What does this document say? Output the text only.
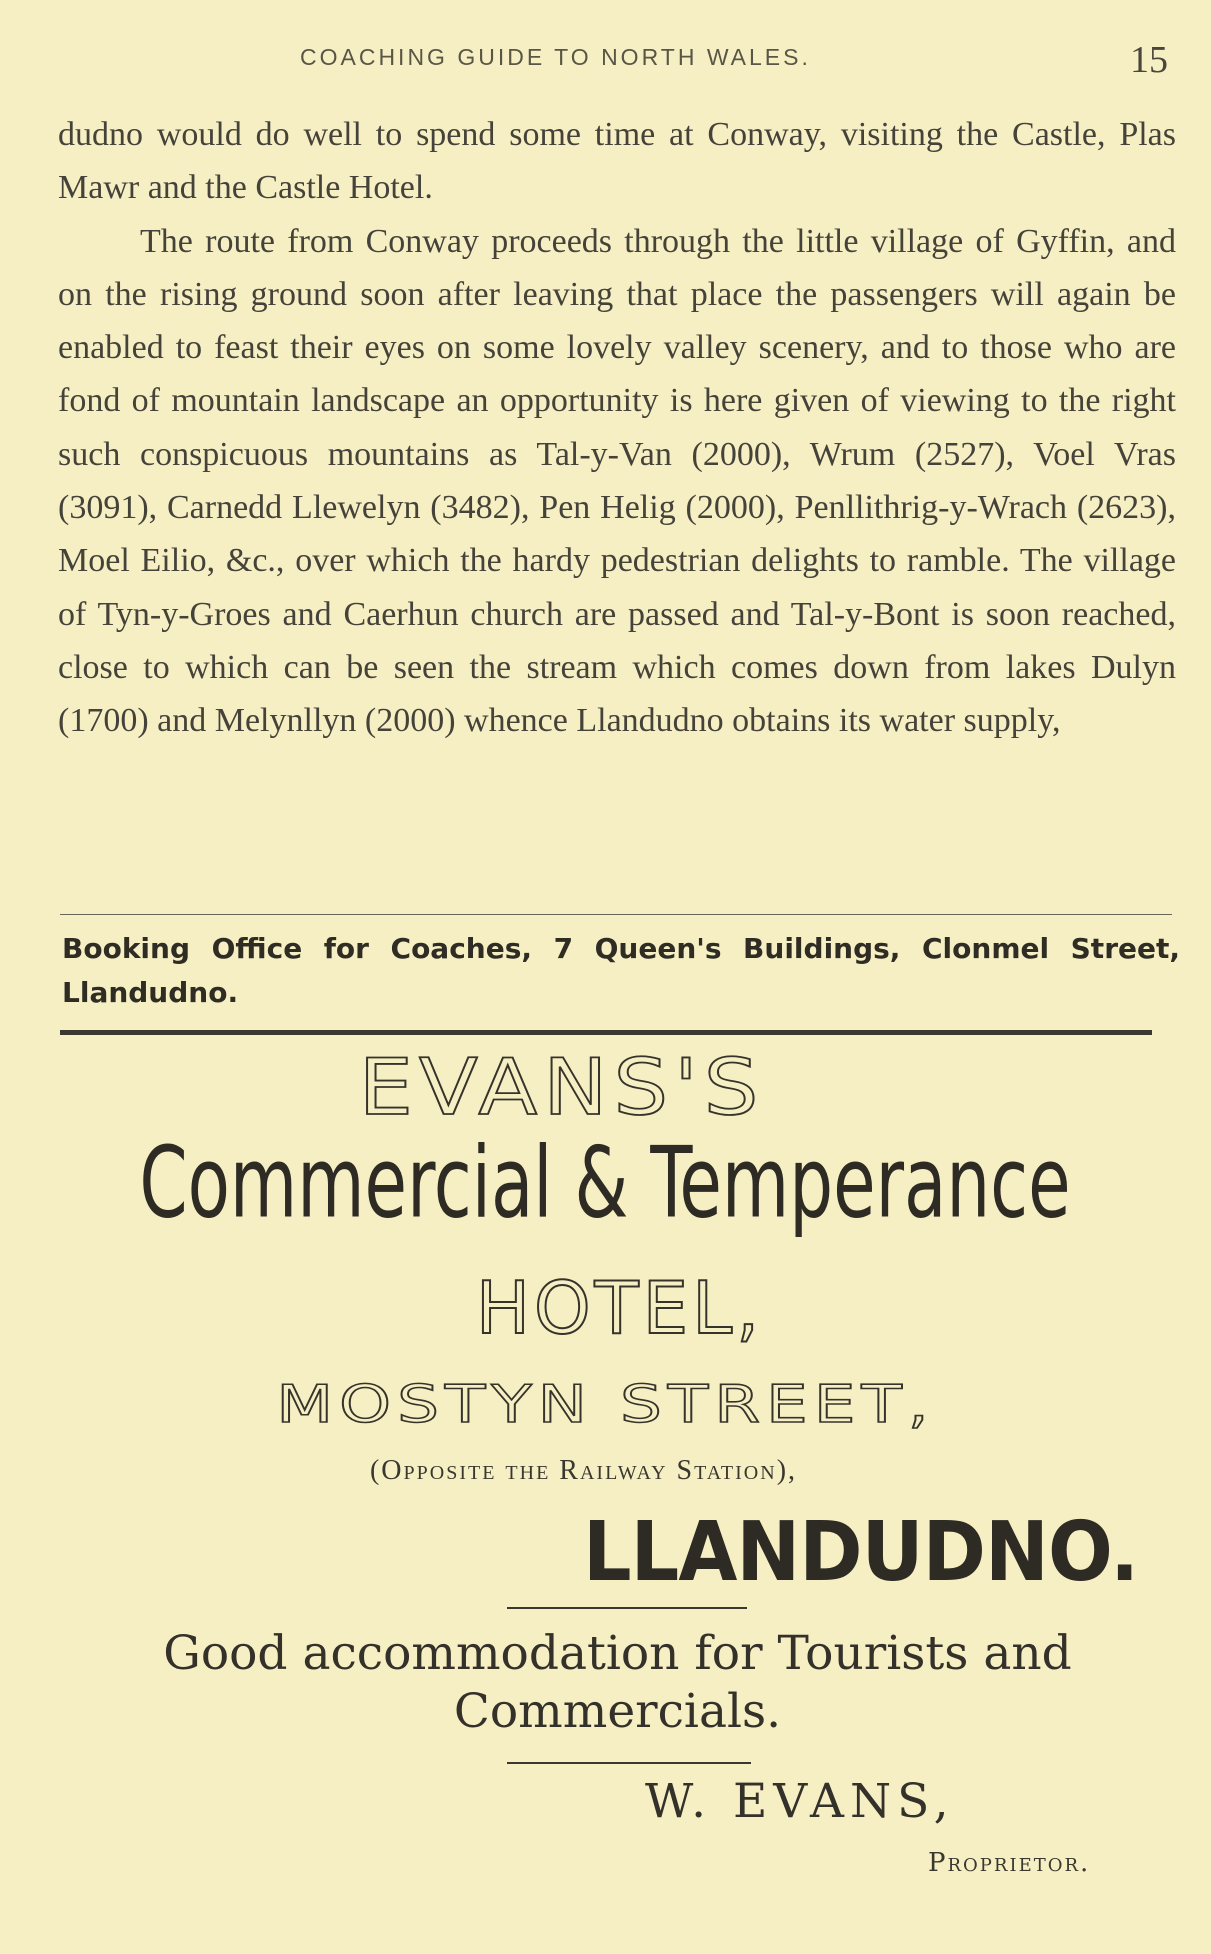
COACHING GUIDE TO NORTH WALES.	15

dudno would do well to spend some time at Conway, visiting the Castle, Plas Mawr and the Castle Hotel.

The route from Conway proceeds through the little village of Gyffin, and on the rising ground soon after leaving that place the passengers will again be enabled to feast their eyes on some lovely valley scenery, and to those who are fond of mountain landscape an opportunity is here given of viewing to the right such conspicuous mountains as Tal-y-Van (2000), Wrum (2527), Voel Vras (3091), Carnedd Llewelyn (3482), Pen Helig (2000), Penllithrig-y-Wrach (2623), Moel Eilio, &c., over which the hardy pedestrian delights to ramble. The village of Tyn-y-Groes and Caerhun church are passed and Tal-y-Bont is soon reached, close to which can be seen the stream which comes down from lakes Dulyn (1700) and Melynllyn (2000) whence Llandudno obtains its water supply,

Booking Office for Coaches, 7 Queen's Buildings, Clonmel Street, Llandudno.
EVANS'S
Commercial & Temperance
HOTEL,
MOSTYN STREET,
(Opposite the Railway Station),
LLANDUDNO.
Good accommodation for Tourists and
Commercials.
W. EVANS,
Proprietor.
